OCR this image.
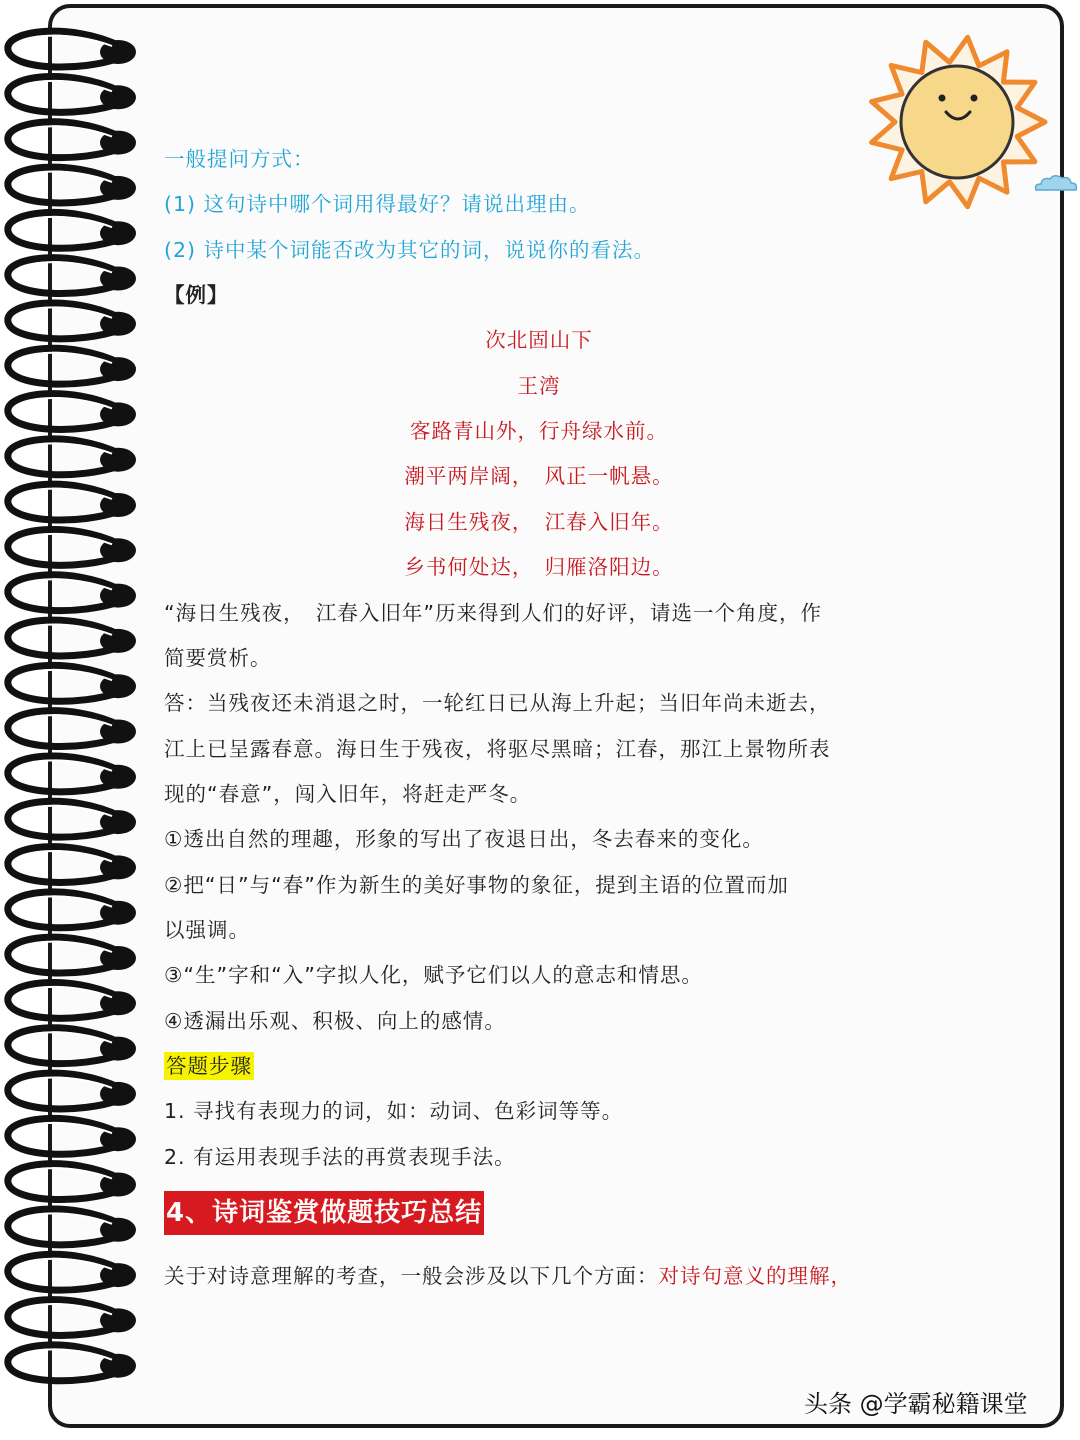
一般提问方式：
(1) 这句诗中哪个词用得最好？请说出理由。
(2) 诗中某个词能否改为其它的词，说说你的看法。
【例】
次北固山下
王湾
客路青山外，行舟绿水前。
潮平两岸阔，　风正一帆悬。
海日生残夜，　江春入旧年。
乡书何处达，　归雁洛阳边。
“海日生残夜，　江春入旧年”历来得到人们的好评，请选一个角度，作
简要赏析。
答：当残夜还未消退之时，一轮红日已从海上升起；当旧年尚未逝去，
江上已呈露春意。海日生于残夜，将驱尽黑暗；江春，那江上景物所表
现的“春意”，闯入旧年，将赶走严冬。
①透出自然的理趣，形象的写出了夜退日出，冬去春来的变化。
②把“日”与“春”作为新生的美好事物的象征，提到主语的位置而加
以强调。
③“生”字和“入”字拟人化，赋予它们以人的意志和情思。
④透漏出乐观、积极、向上的感情。
答题步骤
1. 寻找有表现力的词，如：动词、色彩词等等。
2. 有运用表现手法的再赏表现手法。
4、诗词鉴赏做题技巧总结
关于对诗意理解的考查，一般会涉及以下几个方面：对诗句意义的理解，
头条 @学霸秘籍课堂
